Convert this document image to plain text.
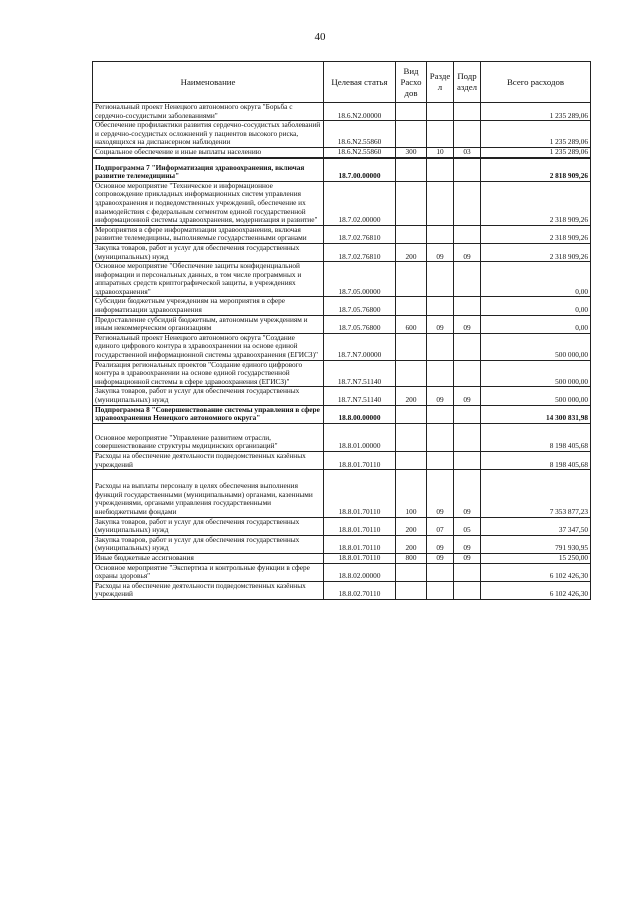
40
Наименование	Целевая статья	Вид Расхо дов	Разде л	Подр аздел	Всего расходов
Региональный проект Ненецкого автономного округа "Борьба с сердечно-сосудистыми заболеваниями"	18.6.N2.00000				1 235 289,06
Обеспечение профилактики развития сердечно-сосудистых заболеваний и сердечно-сосудистых осложнений у пациентов высокого риска, находящихся на диспансерном наблюдении	18.6.N2.55860				1 235 289,06
Социальное обеспечение и иные выплаты населению	18.6.N2.55860	300	10	03	1 235 289,06
Подпрограмма 7 "Информатизация здравоохранения, включая развитие телемедицины"	18.7.00.00000				2 818 909,26
Основное мероприятие "Техническое и информационное сопровождение прикладных информационных систем управления здравоохранения и подведомственных учреждений, обеспечение их взаимодействия с федеральным сегментом единой государственной информационной системы здравоохранения, модернизация и развитие"	18.7.02.00000				2 318 909,26
Мероприятия в сфере информатизации здравоохранения, включая развитие телемедицины, выполняемые государственными органами	18.7.02.76810				2 318 909,26
Закупка товаров, работ и услуг для обеспечения государственных (муниципальных) нужд	18.7.02.76810	200	09	09	2 318 909,26
Основное мероприятие "Обеспечение защиты конфиденциальной информации и персональных данных, в том числе программных и аппаратных средств криптографической защиты, в учреждениях здравоохранения"	18.7.05.00000				0,00
Субсидии бюджетным учреждениям на мероприятия в сфере информатизации здравоохранения	18.7.05.76800				0,00
Предоставление субсидий бюджетным, автономным учреждениям и иным некоммерческим организациям	18.7.05.76800	600	09	09	0,00
Региональный проект Ненецкого автономного округа "Создание единого цифрового контура в здравоохранении на основе единой государственной информационной системы здравоохранения (ЕГИСЗ)"	18.7.N7.00000				500 000,00
Реализация региональных проектов "Создание единого цифрового контура в здравоохранении на основе единой государственной информационной системы в сфере здравоохранения (ЕГИСЗ)"	18.7.N7.51140				500 000,00
Закупка товаров, работ и услуг для обеспечения государственных (муниципальных) нужд	18.7.N7.51140	200	09	09	500 000,00
Подпрограмма 8 "Совершенствование системы управления в сфере здравоохранения Ненецкого автономного округа"	18.8.00.00000				14 300 831,98
Основное мероприятие "Управление развитием отрасли, совершенствование структуры медицинских организаций"	18.8.01.00000				8 198 405,68
Расходы на обеспечение деятельности подведомственных казённых учреждений	18.8.01.70110				8 198 405,68
Расходы на выплаты персоналу в целях обеспечения выполнения функций государственными (муниципальными) органами, казенными учреждениями, органами управления государственными внебюджетными фондами	18.8.01.70110	100	09	09	7 353 877,23
Закупка товаров, работ и услуг для обеспечения государственных (муниципальных) нужд	18.8.01.70110	200	07	05	37 347,50
Закупка товаров, работ и услуг для обеспечения государственных (муниципальных) нужд	18.8.01.70110	200	09	09	791 930,95
Иные бюджетные ассигнования	18.8.01.70110	800	09	09	15 250,00
Основное мероприятие "Экспертиза и контрольные функции в сфере охраны здоровья"	18.8.02.00000				6 102 426,30
Расходы на обеспечение деятельности подведомственных казённых учреждений	18.8.02.70110				6 102 426,30
